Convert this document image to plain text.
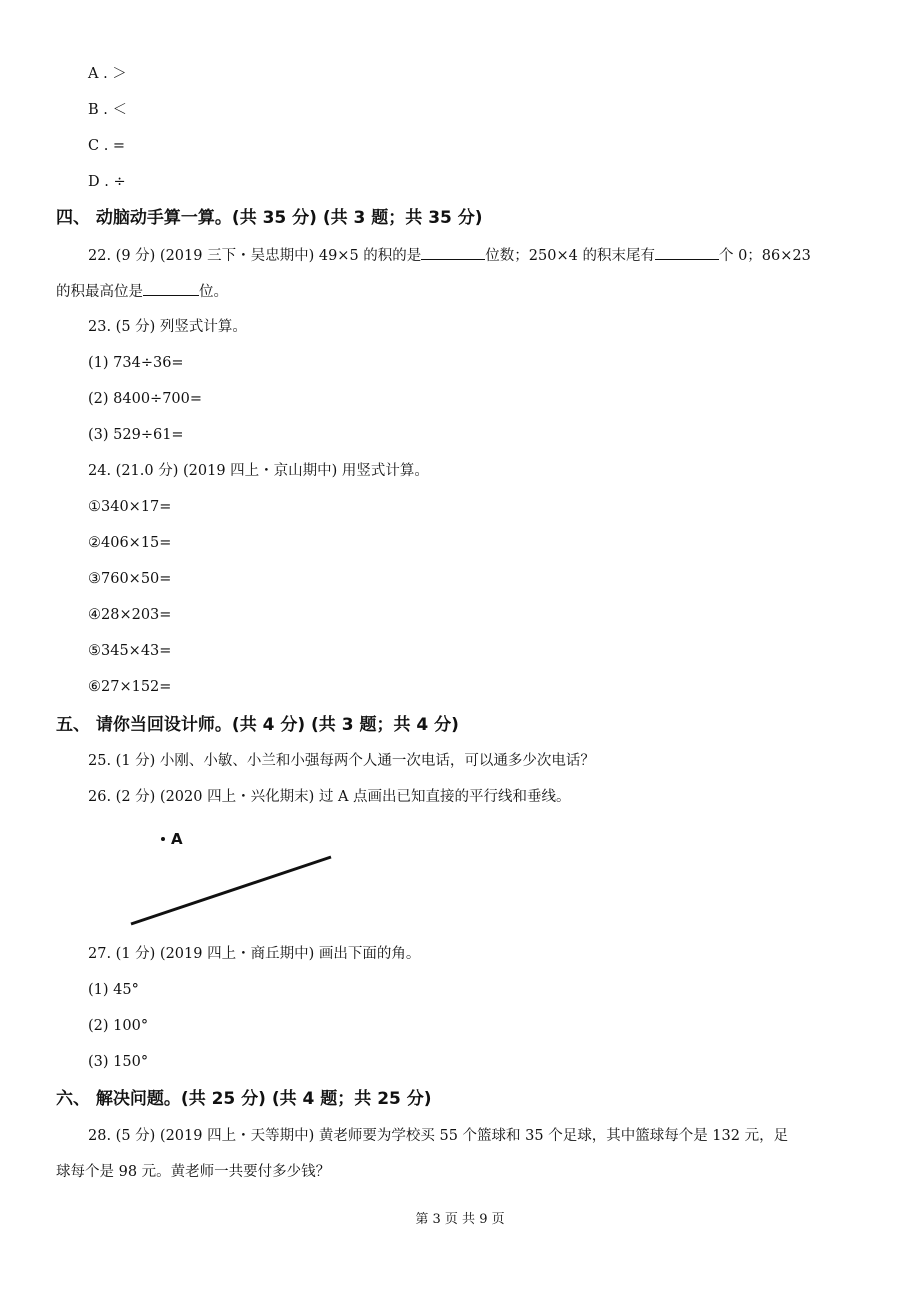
A . ＞
B . ＜
C . =
D . ÷
四、 动脑动手算一算。(共 35 分) (共 3 题；共 35 分)
22. (9 分) (2019 三下・吴忠期中) 49×5 的积的是	位数；250×4 的积末尾有	个 0；86×23
的积最高位是	位。
23. (5 分) 列竖式计算。
(1) 734÷36=
(2) 8400÷700=
(3) 529÷61=
24. (21.0 分) (2019 四上・京山期中) 用竖式计算。
①340×17=
②406×15=
③760×50=
④28×203=
⑤345×43=
⑥27×152=
五、 请你当回设计师。(共 4 分) (共 3 题；共 4 分)
25. (1 分) 小刚、小敏、小兰和小强每两个人通一次电话，可以通多少次电话？
26. (2 分) (2020 四上・兴化期末) 过 A 点画出已知直接的平行线和垂线。
A
27. (1 分) (2019 四上・商丘期中) 画出下面的角。
(1) 45°
(2) 100°
(3) 150°
六、 解决问题。(共 25 分) (共 4 题；共 25 分)
28. (5 分) (2019 四上・天等期中) 黄老师要为学校买 55 个篮球和 35 个足球，其中篮球每个是 132 元，足
球每个是 98 元。黄老师一共要付多少钱？
第 3 页 共 9 页
